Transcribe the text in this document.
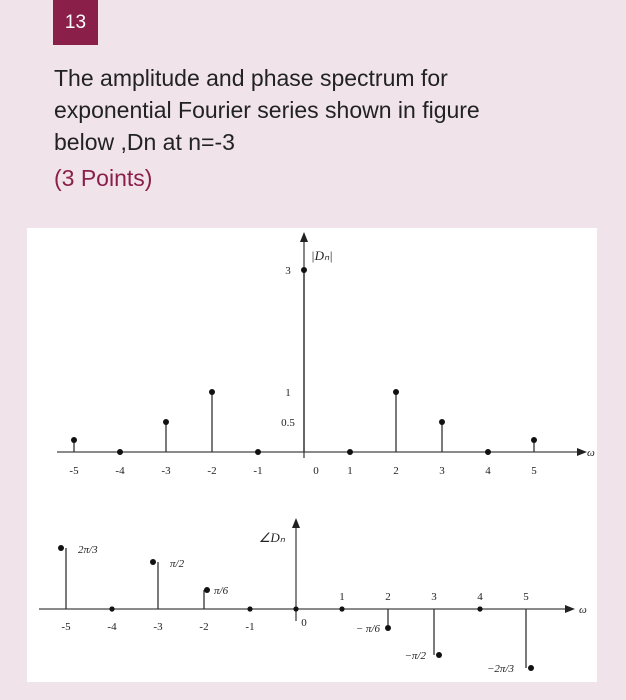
13
The amplitude and phase spectrum for
exponential Fourier series shown in figure
below ,Dn at n=-3
(3 Points)
ω
|Dₙ|
3
1
0.5
-5	-4	-3	-2	-1	0	1	2	3	4	5
ω
∠Dₙ
-5	-4	-3	-2	-1	0
1	2	3	4	5
2π/3
π/2
π/6
− π/6
−π/2
−2π/3
